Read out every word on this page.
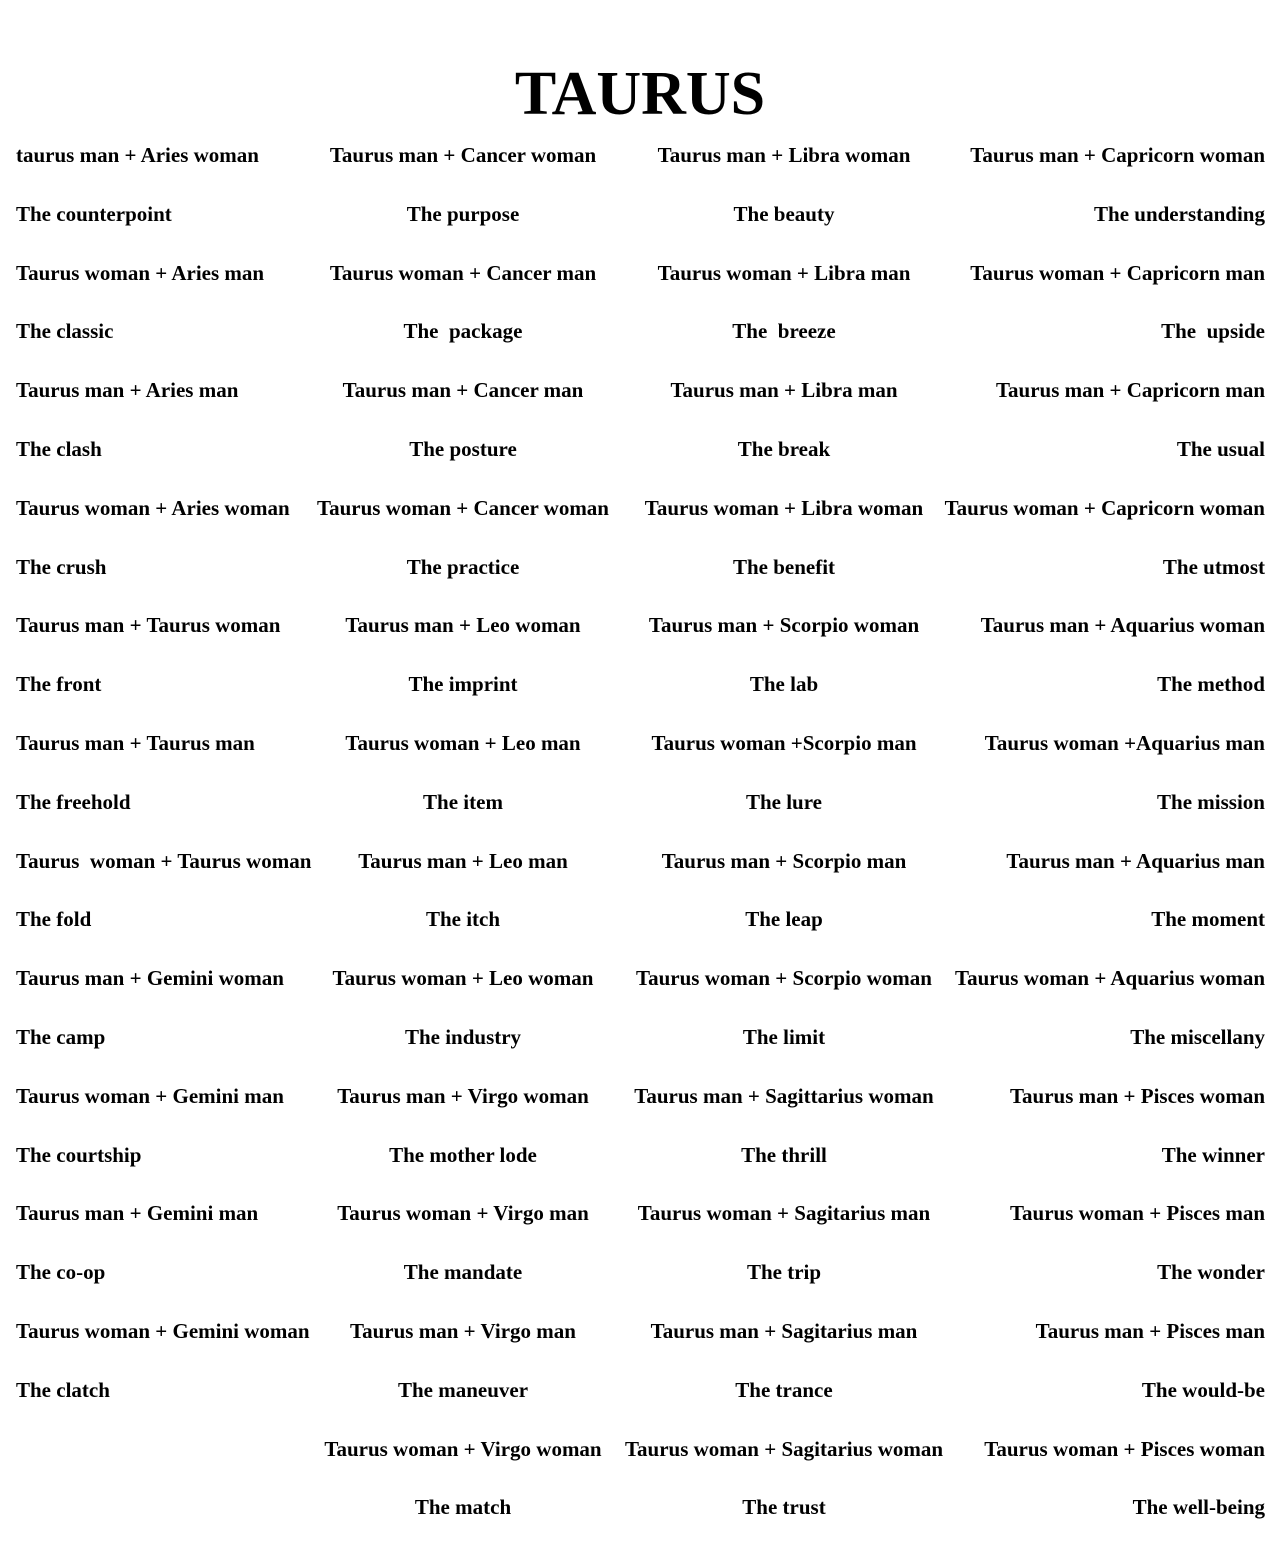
TAURUS
taurus man + Aries woman
The counterpoint
Taurus woman + Aries man
The classic
Taurus man + Aries man
The clash
Taurus woman + Aries woman
The crush
Taurus man + Taurus woman
The front
Taurus man + Taurus man
The freehold
Taurus  woman + Taurus woman
The fold
Taurus man + Gemini woman
The camp
Taurus woman + Gemini man
The courtship
Taurus man + Gemini man
The co-op
Taurus woman + Gemini woman
The clatch
Taurus man + Cancer woman
The purpose
Taurus woman + Cancer man
The  package
Taurus man + Cancer man
The posture
Taurus woman + Cancer woman
The practice
Taurus man + Leo woman
The imprint
Taurus woman + Leo man
The item
Taurus man + Leo man
The itch
Taurus woman + Leo woman
The industry
Taurus man + Virgo woman
The mother lode
Taurus woman + Virgo man
The mandate
Taurus man + Virgo man
The maneuver
Taurus woman + Virgo woman
The match
Taurus man + Libra woman
The beauty
Taurus woman + Libra man
The  breeze
Taurus man + Libra man
The break
Taurus woman + Libra woman
The benefit
Taurus man + Scorpio woman
The lab
Taurus woman +Scorpio man
The lure
Taurus man + Scorpio man
The leap
Taurus woman + Scorpio woman
The limit
Taurus man + Sagittarius woman
The thrill
Taurus woman + Sagitarius man
The trip
Taurus man + Sagitarius man
The trance
Taurus woman + Sagitarius woman
The trust
Taurus man + Capricorn woman
The understanding
Taurus woman + Capricorn man
The  upside
Taurus man + Capricorn man
The usual
Taurus woman + Capricorn woman
The utmost
Taurus man + Aquarius woman
The method
Taurus woman +Aquarius man
The mission
Taurus man + Aquarius man
The moment
Taurus woman + Aquarius woman
The miscellany
Taurus man + Pisces woman
The winner
Taurus woman + Pisces man
The wonder
Taurus man + Pisces man
The would-be
Taurus woman + Pisces woman
The well-being
